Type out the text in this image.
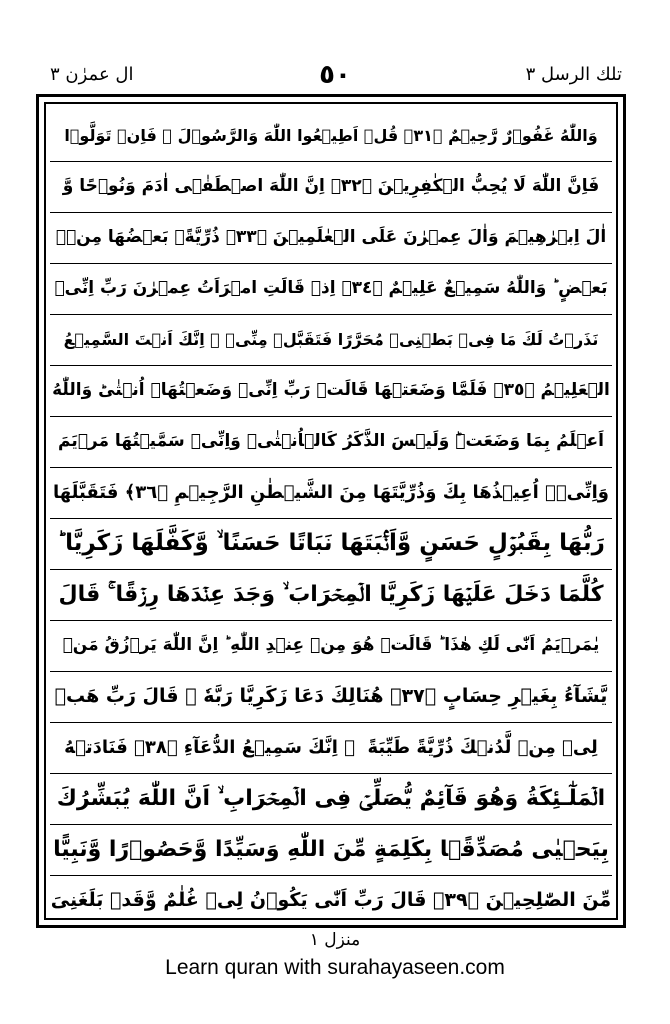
تلك الرسل ٣
٥٠
ال عمرٰن ٣
وَاللّٰهُ غَفُوۡرٌ رَّحِيۡمٌ ﴿٣١﴾ قُلۡ اَطِيۡعُوا اللّٰهَ وَالرَّسُوۡلَ ۚ فَاِنۡ تَوَلَّوۡا
فَاِنَّ اللّٰهَ لَا يُحِبُّ الۡكٰفِرِيۡنَ ﴿٣٢﴾ اِنَّ اللّٰهَ اصۡطَفٰۤى اٰدَمَ وَنُوۡحًا وَّ
اٰلَ اِبۡرٰهِيۡمَ وَاٰلَ عِمۡرٰنَ عَلَى الۡعٰلَمِيۡنَ ﴿٣٣﴾ ذُرِّيَّةًۢ بَعۡضُهَا مِنۡۢ
بَعۡضٍ ‌ؕ وَاللّٰهُ سَمِيۡعٌ عَلِيۡمٌ ﴿٣٤﴾ اِذۡ قَالَتِ امۡرَاَتُ عِمۡرٰنَ رَبِّ اِنِّىۡ
نَذَرۡتُ لَكَ مَا فِىۡ بَطۡنِىۡ مُحَرَّرًا فَتَقَبَّلۡ مِنِّىۡ ‌ۚ اِنَّكَ اَنۡتَ السَّمِيۡعُ
الۡعَلِيۡمُ ﴿٣٥﴾ فَلَمَّا وَضَعَتۡهَا قَالَتۡ رَبِّ اِنِّىۡ وَضَعۡتُهَاۤ اُنۡثٰىؕ وَاللّٰهُ
اَعۡلَمُ بِمَا وَضَعَتۡؕ وَلَيۡسَ الذَّكَرُ كَالۡاُنۡثٰى‌ۚ وَاِنِّىۡ سَمَّيۡتُهَا مَرۡيَمَ
وَاِنِّىۡۤ اُعِيۡذُهَا بِكَ وَذُرِّيَّتَهَا مِنَ الشَّيۡطٰنِ الرَّجِيۡمِ ﴿٣٦﴾ فَتَقَبَّلَهَا
رَبُّهَا بِقَبُوۡلٍ حَسَنٍ وَّاَنۡۢبَتَهَا نَبَاتًا حَسَنًا ۙ وَّكَفَّلَهَا زَكَرِيَّا‌ ؕ
كُلَّمَا دَخَلَ عَلَيۡهَا زَكَرِيَّا الۡمِحۡرَابَ ۙ وَجَدَ عِنۡدَهَا رِزۡقًا ‌ۚ قَالَ
يٰمَرۡيَمُ اَنّٰى لَكِ هٰذَا‌ ؕ قَالَتۡ هُوَ مِنۡ عِنۡدِ اللّٰهِ‌ ؕ اِنَّ اللّٰهَ يَرۡزُقُ مَنۡ
يَّشَآءُ بِغَيۡرِ حِسَابٍ ﴿٣٧﴾ هُنَالِكَ دَعَا زَكَرِيَّا رَبَّهٗ‌ ۚ قَالَ رَبِّ هَبۡ
لِىۡ مِنۡ لَّدُنۡكَ ذُرِّيَّةً طَيِّبَةً ‌ ۚ اِنَّكَ سَمِيۡعُ الدُّعَآءِ ﴿٣٨﴾ فَنَادَتۡهُ
الۡمَلٰٓـئِكَةُ وَهُوَ قَآئِمٌ يُّصَلِّىۡ فِى الۡمِحۡرَابِ ۙ اَنَّ اللّٰهَ يُبَشِّرُكَ
بِيَحۡيٰى مُصَدِّقًۢا بِكَلِمَةٍ مِّنَ اللّٰهِ وَسَيِّدًا وَّحَصُوۡرًا وَّنَبِيًّا
مِّنَ الصّٰلِحِيۡنَ ﴿٣٩﴾ قَالَ رَبِّ اَنّٰى يَكُوۡنُ لِىۡ غُلٰمٌ وَّقَدۡ بَلَغَنِىَ
منزل ١
Learn quran with surahayaseen.com
